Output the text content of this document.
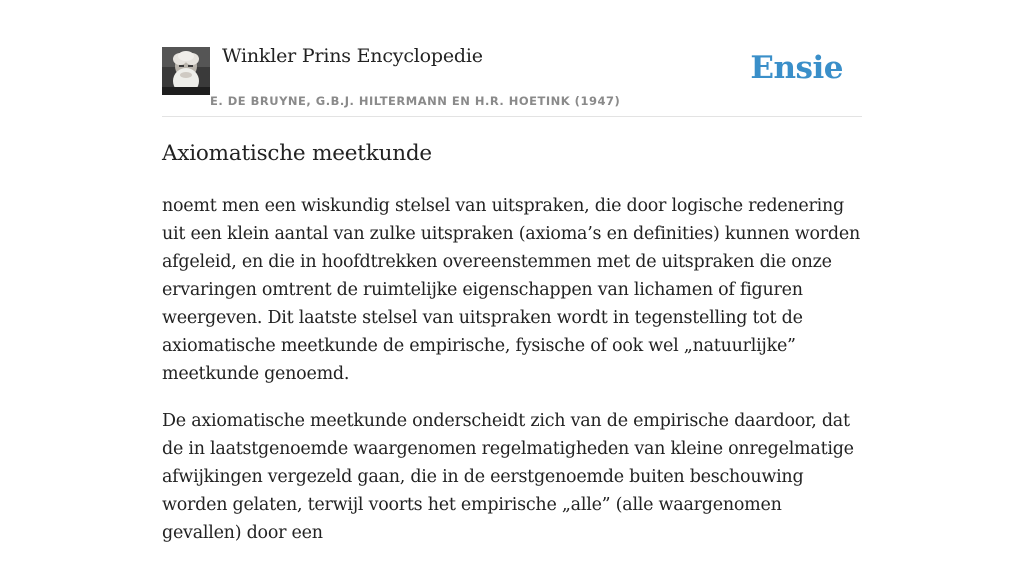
Winkler Prins Encyclopedie
E. DE BRUYNE, G.B.J. HILTERMANN EN H.R. HOETINK (1947)
Ensie
Axiomatische meetkunde

noemt men een wiskundig stelsel van uitspraken, die door logische redenering uit een klein aantal van zulke uitspraken (axioma’s en definities) kunnen worden afgeleid, en die in hoofdtrekken overeenstemmen met de uitspraken die onze ervaringen omtrent de ruimtelijke eigenschappen van lichamen of figuren weergeven. Dit laatste stelsel van uitspraken wordt in tegenstelling tot de axiomatische meetkunde de empirische, fysische of ook wel „natuurlijke” meetkunde genoemd.

De axiomatische meetkunde onderscheidt zich van de empirische daardoor, dat de in laatstgenoemde waargenomen regelmatigheden van kleine onregelmatige afwijkingen vergezeld gaan, die in de eerstgenoemde buiten beschouwing worden gelaten, terwijl voorts het empirische „alle” (alle waargenomen gevallen) door een
